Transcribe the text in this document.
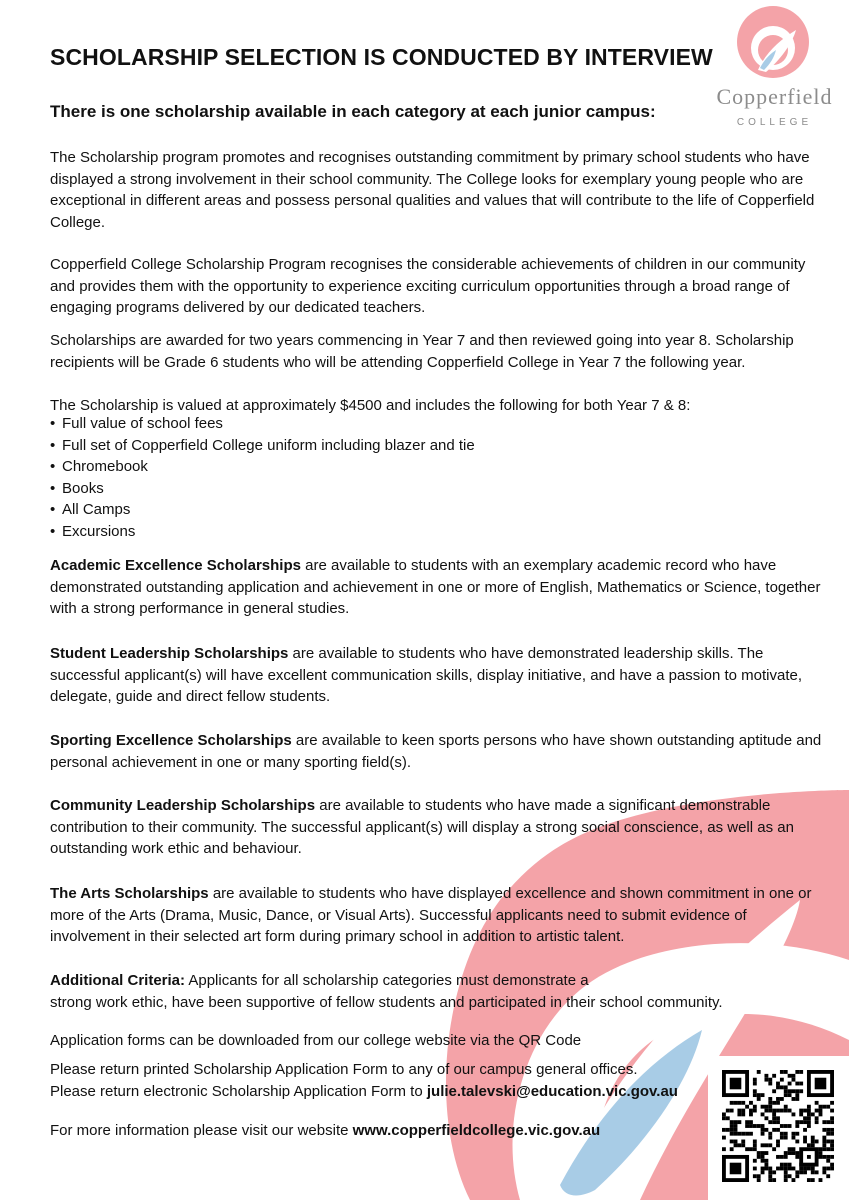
Copperfield
COLLEGE
SCHOLARSHIP SELECTION IS CONDUCTED BY INTERVIEW
There is one scholarship available in each category at each junior campus:

The Scholarship program promotes and recognises outstanding commitment by primary school students who have displayed a strong involvement in their school community. The College looks for exemplary young people who are exceptional in different areas and possess personal qualities and values that will contribute to the life of Copperfield College.

Copperfield College Scholarship Program recognises the considerable achievements of children in our community and provides them with the opportunity to experience exciting curriculum opportunities through a broad range of engaging programs delivered by our dedicated teachers.

Scholarships are awarded for two years commencing in Year 7 and then reviewed going into year 8. Scholarship recipients will be Grade 6 students who will be attending Copperfield College in Year 7 the following year.

The Scholarship is valued at approximately $4500 and includes the following for both Year 7 & 8:

• Full value of school fees
• Full set of Copperfield College uniform including blazer and tie
• Chromebook
• Books
• All Camps
• Excursions

Academic Excellence Scholarships are available to students with an exemplary academic record who have demonstrated outstanding application and achievement in one or more of English, Mathematics or Science, together with a strong performance in general studies.

Student Leadership Scholarships are available to students who have demonstrated leadership skills. The successful applicant(s) will have excellent communication skills, display initiative, and have a passion to motivate, delegate, guide and direct fellow students.

Sporting Excellence Scholarships are available to keen sports persons who have shown outstanding aptitude and personal achievement in one or many sporting field(s).

Community Leadership Scholarships are available to students who have made a significant demonstrable contribution to their community. The successful applicant(s) will display a strong social conscience, as well as an outstanding work ethic and behaviour.

The Arts Scholarships are available to students who have displayed excellence and shown commitment in one or more of the Arts (Drama, Music, Dance, or Visual Arts). Successful applicants need to submit evidence of involvement in their selected art form during primary school in addition to artistic talent.

Additional Criteria: Applicants for all scholarship categories must demonstrate a
strong work ethic, have been supportive of fellow students and participated in their school community.

Application forms can be downloaded from our college website via the QR Code

Please return printed Scholarship Application Form to any of our campus general offices.
Please return electronic Scholarship Application Form to julie.talevski@education.vic.gov.au

For more information please visit our website www.copperfieldcollege.vic.gov.au
